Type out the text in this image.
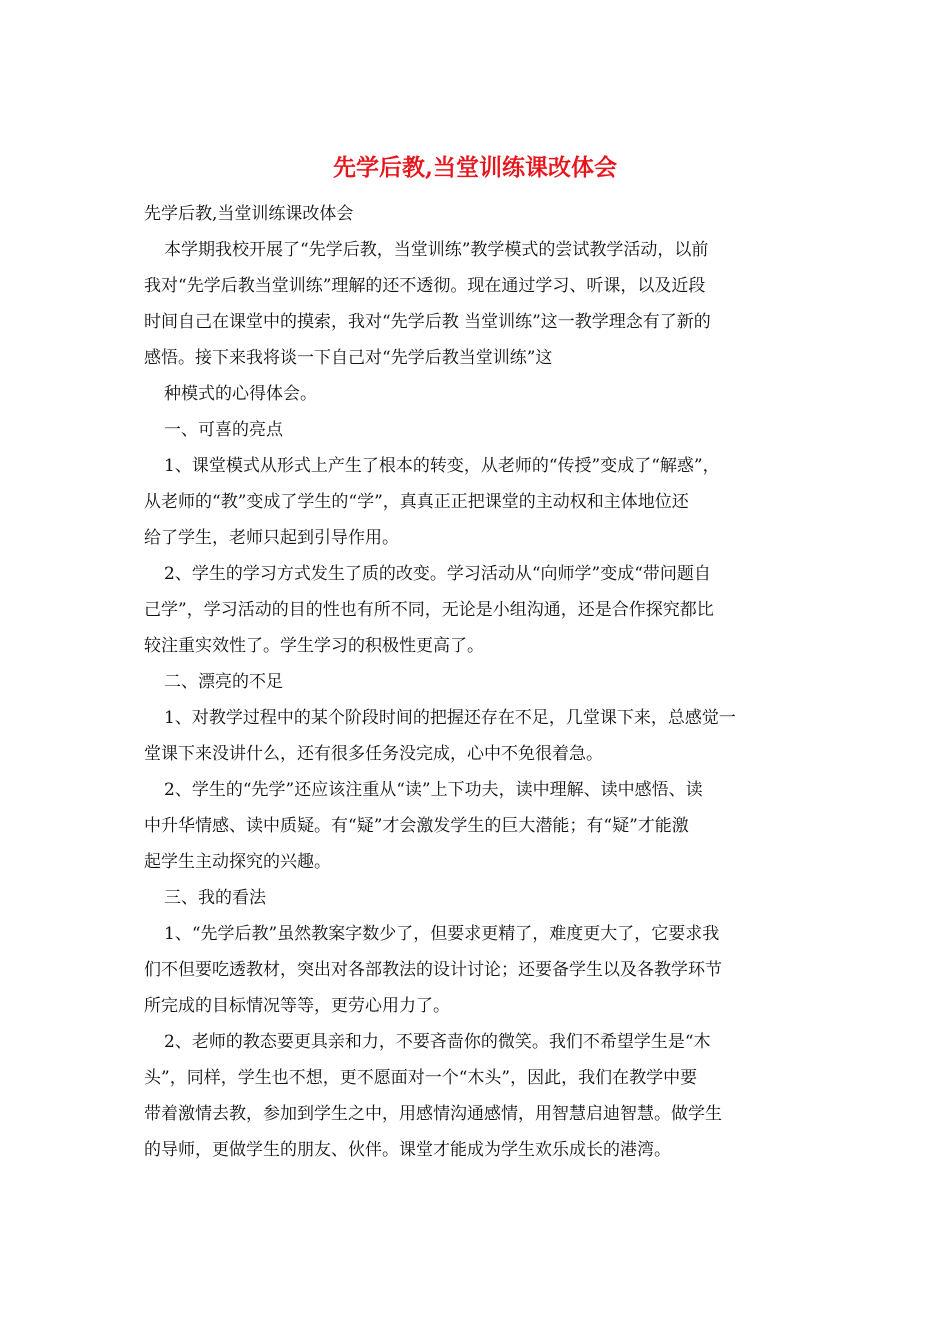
先学后教,当堂训练课改体会
先学后教,当堂训练课改体会
本学期我校开展了“先学后教，当堂训练”教学模式的尝试教学活动，以前
我对“先学后教当堂训练”理解的还不透彻。现在通过学习、听课，以及近段
时间自己在课堂中的摸索，我对“先学后教 当堂训练”这一教学理念有了新的
感悟。接下来我将谈一下自己对“先学后教当堂训练”这
种模式的心得体会。
一、可喜的亮点
1、课堂模式从形式上产生了根本的转变，从老师的“传授”变成了“解惑”，
从老师的“教”变成了学生的“学”，真真正正把课堂的主动权和主体地位还
给了学生，老师只起到引导作用。
2、学生的学习方式发生了质的改变。学习活动从“向师学”变成“带问题自
己学”，学习活动的目的性也有所不同，无论是小组沟通，还是合作探究都比
较注重实效性了。学生学习的积极性更高了。
二、漂亮的不足
1、对教学过程中的某个阶段时间的把握还存在不足，几堂课下来，总感觉一
堂课下来没讲什么，还有很多任务没完成，心中不免很着急。
2、学生的“先学”还应该注重从“读”上下功夫，读中理解、读中感悟、读
中升华情感、读中质疑。有“疑”才会激发学生的巨大潜能；有“疑”才能激
起学生主动探究的兴趣。
三、我的看法
1、“先学后教”虽然教案字数少了，但要求更精了，难度更大了，它要求我
们不但要吃透教材，突出对各部教法的设计讨论；还要备学生以及各教学环节
所完成的目标情况等等，更劳心用力了。
2、老师的教态要更具亲和力，不要吝啬你的微笑。我们不希望学生是“木
头”，同样，学生也不想，更不愿面对一个“木头”，因此，我们在教学中要
带着激情去教，参加到学生之中，用感情沟通感情，用智慧启迪智慧。做学生
的导师，更做学生的朋友、伙伴。课堂才能成为学生欢乐成长的港湾。
